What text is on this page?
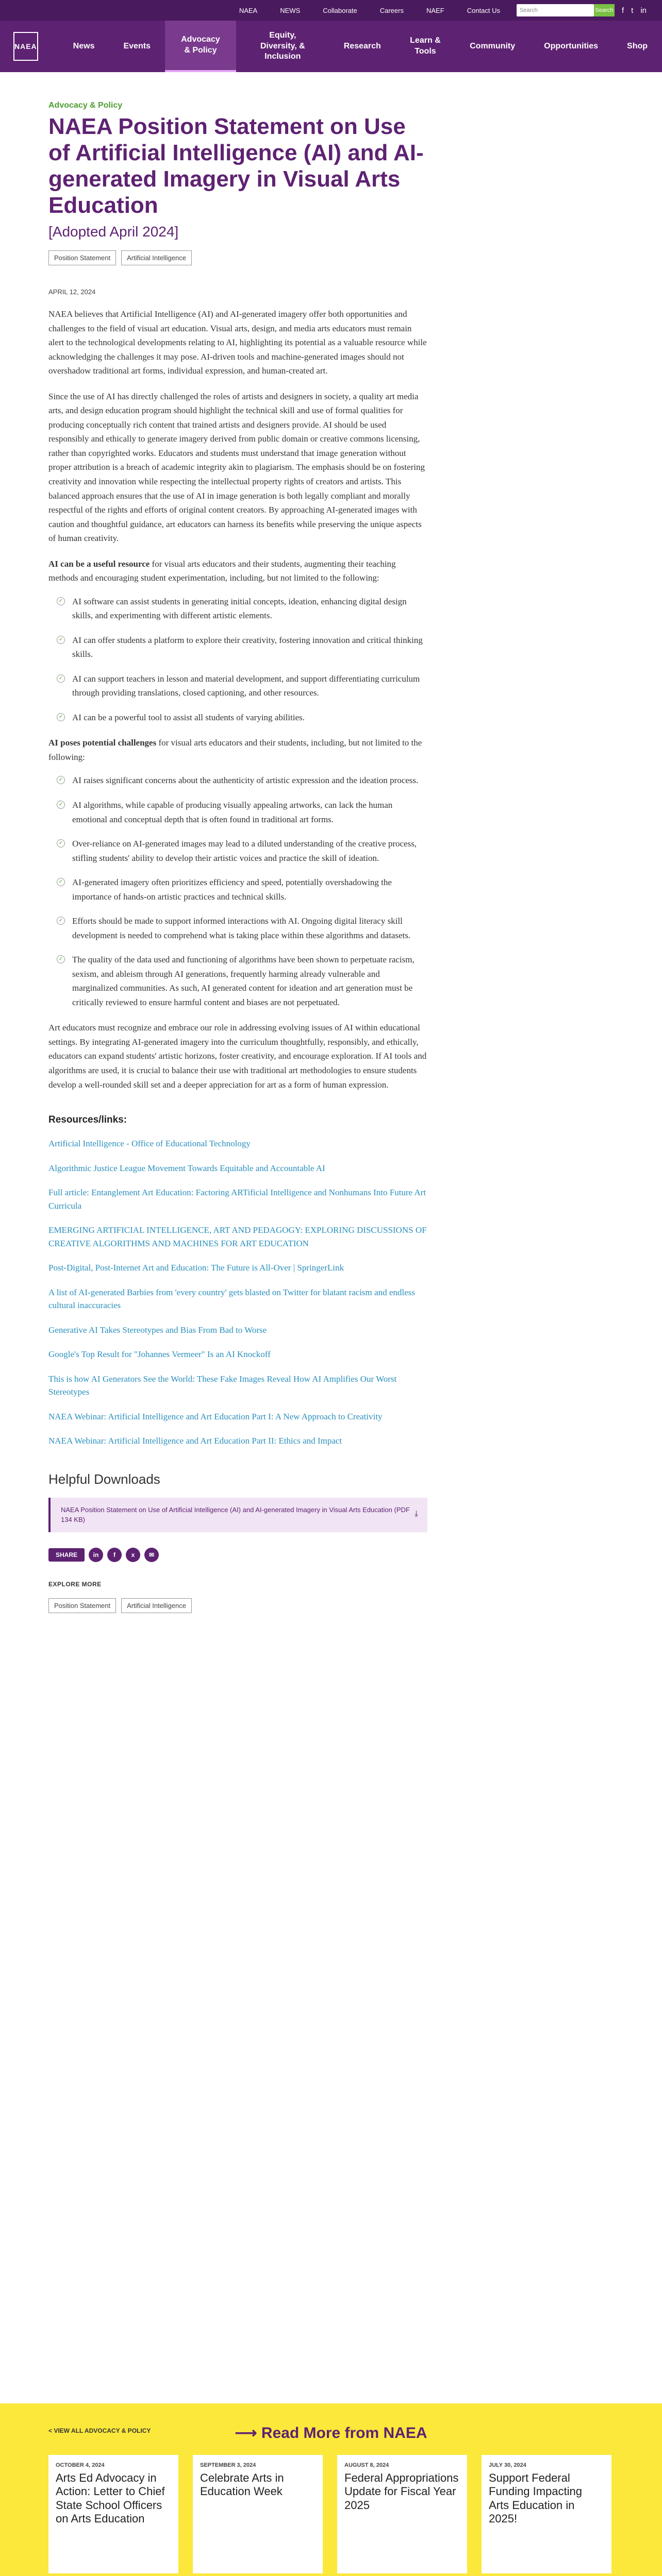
NAEA	NEWS	Collaborate	Careers	NAEF	Contact Us	Search	Search f t in
NAEA	News	Events
Advocacy & Policy
Equity, Diversity, & Inclusion
Research
Learn & Tools
Community	Opportunities	Shop
Advocacy & Policy
NAEA Position Statement on Use of Artificial Intelligence (AI) and AI-generated Imagery in Visual Arts Education
[Adopted April 2024]
Position Statement	Artificial Intelligence
APRIL 12, 2024

NAEA believes that Artificial Intelligence (AI) and AI-generated imagery offer both opportunities and challenges to the field of visual art education. Visual arts, design, and media arts educators must remain alert to the technological developments relating to AI, highlighting its potential as a valuable resource while acknowledging the challenges it may pose. AI-driven tools and machine-generated images should not overshadow traditional art forms, individual expression, and human-created art.

Since the use of AI has directly challenged the roles of artists and designers in society, a quality art media arts, and design education program should highlight the technical skill and use of formal qualities for producing conceptually rich content that trained artists and designers provide. AI should be used responsibly and ethically to generate imagery derived from public domain or creative commons licensing, rather than copyrighted works. Educators and students must understand that image generation without proper attribution is a breach of academic integrity akin to plagiarism. The emphasis should be on fostering creativity and innovation while respecting the intellectual property rights of creators and artists. This balanced approach ensures that the use of AI in image generation is both legally compliant and morally respectful of the rights and efforts of original content creators. By approaching AI-generated images with caution and thoughtful guidance, art educators can harness its benefits while preserving the unique aspects of human creativity.

AI can be a useful resource for visual arts educators and their students, augmenting their teaching methods and encouraging student experimentation, including, but not limited to the following:

✓ AI software can assist students in generating initial concepts, ideation, enhancing digital design skills, and experimenting with different artistic elements.
✓ AI can offer students a platform to explore their creativity, fostering innovation and critical thinking skills.
✓ AI can support teachers in lesson and material development, and support differentiating curriculum through providing translations, closed captioning, and other resources.
✓ AI can be a powerful tool to assist all students of varying abilities.

AI poses potential challenges for visual arts educators and their students, including, but not limited to the following:

✓ AI raises significant concerns about the authenticity of artistic expression and the ideation process.
✓ AI algorithms, while capable of producing visually appealing artworks, can lack the human emotional and conceptual depth that is often found in traditional art forms.
✓ Over-reliance on AI-generated images may lead to a diluted understanding of the creative process, stifling students' ability to develop their artistic voices and practice the skill of ideation.
✓ AI-generated imagery often prioritizes efficiency and speed, potentially overshadowing the importance of hands-on artistic practices and technical skills.
✓ Efforts should be made to support informed interactions with AI. Ongoing digital literacy skill development is needed to comprehend what is taking place within these algorithms and datasets.
✓ The quality of the data used and functioning of algorithms have been shown to perpetuate racism, sexism, and ableism through AI generations, frequently harming already vulnerable and marginalized communities. As such, AI generated content for ideation and art generation must be critically reviewed to ensure harmful content and biases are not perpetuated.

Art educators must recognize and embrace our role in addressing evolving issues of AI within educational settings. By integrating AI-generated imagery into the curriculum thoughtfully, responsibly, and ethically, educators can expand students' artistic horizons, foster creativity, and encourage exploration. If AI tools and algorithms are used, it is crucial to balance their use with traditional art methodologies to ensure students develop a well-rounded skill set and a deeper appreciation for art as a form of human expression.

Resources/links:
Artificial Intelligence - Office of Educational Technology
Algorithmic Justice League Movement Towards Equitable and Accountable AI
Full article: Entanglement Art Education: Factoring ARTificial Intelligence and Nonhumans Into Future Art Curricula
EMERGING ARTIFICIAL INTELLIGENCE, ART AND PEDAGOGY: EXPLORING DISCUSSIONS OF CREATIVE ALGORITHMS AND MACHINES FOR ART EDUCATION
Post-Digital, Post-Internet Art and Education: The Future is All-Over | SpringerLink
A list of AI-generated Barbies from 'every country' gets blasted on Twitter for blatant racism and endless cultural inaccuracies
Generative AI Takes Stereotypes and Bias From Bad to Worse
Google's Top Result for "Johannes Vermeer" Is an AI Knockoff
This is how AI Generators See the World: These Fake Images Reveal How AI Amplifies Our Worst Stereotypes
NAEA Webinar: Artificial Intelligence and Art Education Part I: A New Approach to Creativity
NAEA Webinar: Artificial Intelligence and Art Education Part II: Ethics and Impact
Helpful Downloads
NAEA Position Statement on Use of Artificial Intelligence (AI) and AI-generated Imagery in Visual Arts Education (PDF 134 KB)
⤓
SHARE	in	f	x	✉
EXPLORE MORE
Position Statement	Artificial Intelligence
< VIEW ALL ADVOCACY & POLICY	⟶ Read More from NAEA
OCTOBER 4, 2024
Arts Ed Advocacy in Action: Letter to Chief State School Officers on Arts Education
SEPTEMBER 3, 2024
Celebrate Arts in Education Week
AUGUST 8, 2024
Federal Appropriations Update for Fiscal Year 2025
JULY 30, 2024
Support Federal Funding Impacting Arts Education in 2025!
